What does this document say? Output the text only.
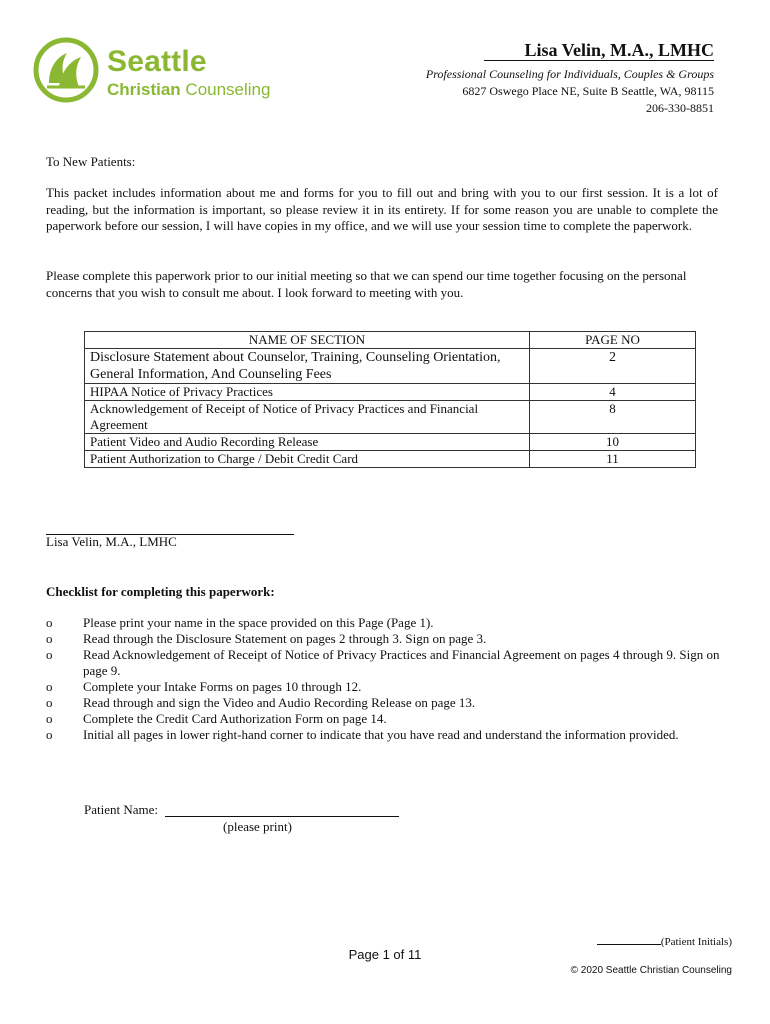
Seattle
Christian Counseling
Lisa Velin, M.A., LMHC
Professional Counseling for Individuals, Couples & Groups
6827 Oswego Place NE, Suite B Seattle, WA, 98115
206-330-8851
To New Patients:
This packet includes information about me and forms for you to fill out and bring with you to our first session. It is a lot of reading, but the information is important, so please review it in its entirety. If for some reason you are unable to complete the paperwork before our session, I will have copies in my office, and we will use your session time to complete the paperwork.
Please complete this paperwork prior to our initial meeting so that we can spend our time together focusing on the personal concerns that you wish to consult me about. I look forward to meeting with you.
NAME OF SECTION	PAGE NO
Disclosure Statement about Counselor, Training, Counseling Orientation, General Information, And Counseling Fees	2
HIPAA Notice of Privacy Practices	4
Acknowledgement of Receipt of Notice of Privacy Practices and Financial Agreement	8
Patient Video and Audio Recording Release	10
Patient Authorization to Charge / Debit Credit Card	11
Lisa Velin, M.A., LMHC
Checklist for completing this paperwork:
o Please print your name in the space provided on this Page (Page 1).
o Read through the Disclosure Statement on pages 2 through 3. Sign on page 3.
o Read Acknowledgement of Receipt of Notice of Privacy Practices and Financial Agreement on pages 4 through 9. Sign on page 9.
o Complete your Intake Forms on pages 10 through 12.
o Read through and sign the Video and Audio Recording Release on page 13.
o Complete the Credit Card Authorization Form on page 14.
o Initial all pages in lower right-hand corner to indicate that you have read and understand the information provided.
Patient Name:
(please print)
(Patient Initials)
Page 1 of 11
© 2020 Seattle Christian Counseling
